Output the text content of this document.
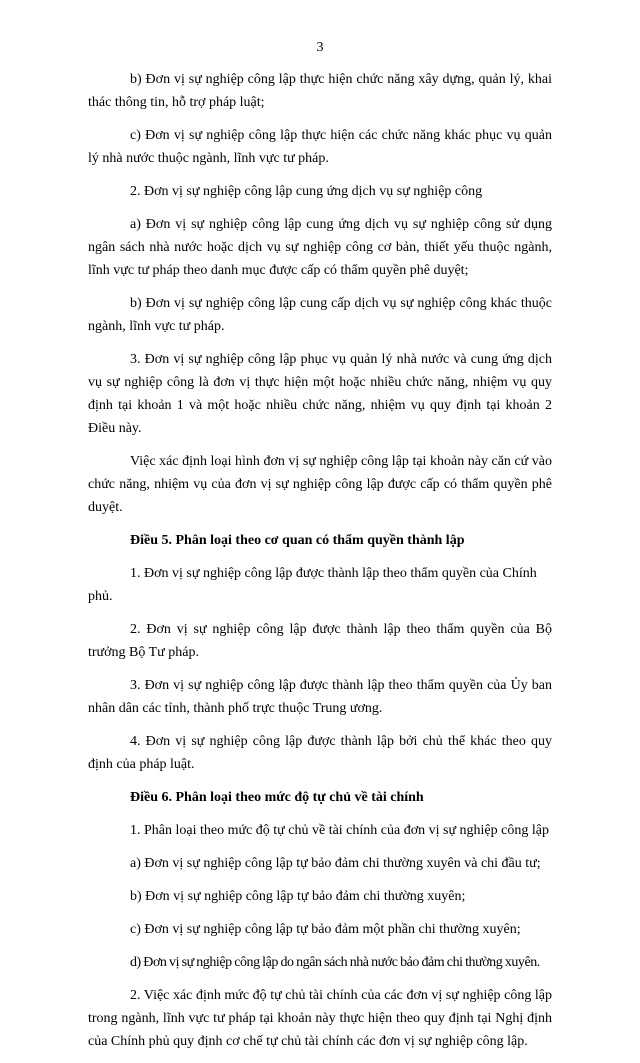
3

b) Đơn vị sự nghiệp công lập thực hiện chức năng xây dựng, quản lý, khai thác thông tin, hỗ trợ pháp luật;

c) Đơn vị sự nghiệp công lập thực hiện các chức năng khác phục vụ quản lý nhà nước thuộc ngành, lĩnh vực tư pháp.

2. Đơn vị sự nghiệp công lập cung ứng dịch vụ sự nghiệp công

a) Đơn vị sự nghiệp công lập cung ứng dịch vụ sự nghiệp công sử dụng ngân sách nhà nước hoặc dịch vụ sự nghiệp công cơ bản, thiết yếu thuộc ngành, lĩnh vực tư pháp theo danh mục được cấp có thẩm quyền phê duyệt;

b) Đơn vị sự nghiệp công lập cung cấp dịch vụ sự nghiệp công khác thuộc ngành, lĩnh vực tư pháp.

3. Đơn vị sự nghiệp công lập phục vụ quản lý nhà nước và cung ứng dịch vụ sự nghiệp công là đơn vị thực hiện một hoặc nhiều chức năng, nhiệm vụ quy định tại khoản 1 và một hoặc nhiều chức năng, nhiệm vụ quy định tại khoản 2 Điều này.

Việc xác định loại hình đơn vị sự nghiệp công lập tại khoản này căn cứ vào chức năng, nhiệm vụ của đơn vị sự nghiệp công lập được cấp có thẩm quyền phê duyệt.

Điều 5. Phân loại theo cơ quan có thẩm quyền thành lập

1. Đơn vị sự nghiệp công lập được thành lập theo thẩm quyền của Chính phủ.

2. Đơn vị sự nghiệp công lập được thành lập theo thẩm quyền của Bộ trưởng Bộ Tư pháp.

3. Đơn vị sự nghiệp công lập được thành lập theo thẩm quyền của Ủy ban nhân dân các tỉnh, thành phố trực thuộc Trung ương.

4. Đơn vị sự nghiệp công lập được thành lập bởi chủ thể khác theo quy định của pháp luật.

Điều 6. Phân loại theo mức độ tự chủ về tài chính

1. Phân loại theo mức độ tự chủ về tài chính của đơn vị sự nghiệp công lập

a) Đơn vị sự nghiệp công lập tự bảo đảm chi thường xuyên và chi đầu tư;

b) Đơn vị sự nghiệp công lập tự bảo đảm chi thường xuyên;

c) Đơn vị sự nghiệp công lập tự bảo đảm một phần chi thường xuyên;

d) Đơn vị sự nghiệp công lập do ngân sách nhà nước bảo đảm chi thường xuyên.

2. Việc xác định mức độ tự chủ tài chính của các đơn vị sự nghiệp công lập trong ngành, lĩnh vực tư pháp tại khoản này thực hiện theo quy định tại Nghị định của Chính phủ quy định cơ chế tự chủ tài chính các đơn vị sự nghiệp công lập.
